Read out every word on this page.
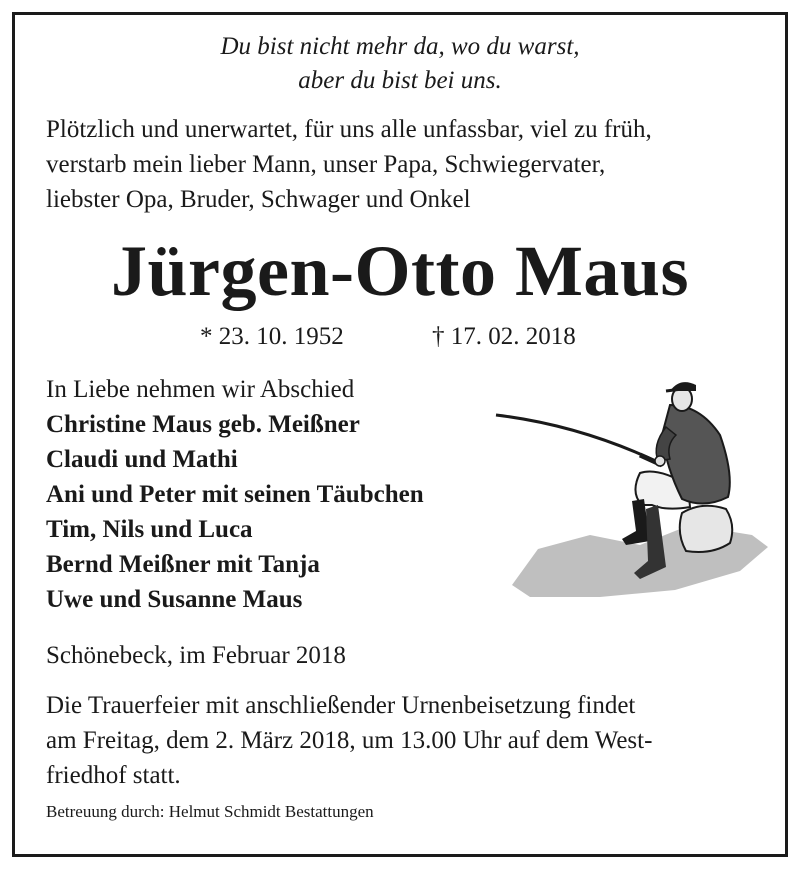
Du bist nicht mehr da, wo du warst,
aber du bist bei uns.
Plötzlich und unerwartet, für uns alle unfassbar, viel zu früh,
verstarb mein lieber Mann, unser Papa, Schwiegervater,
liebster Opa, Bruder, Schwager und Onkel
Jürgen-Otto Maus
* 23. 10. 1952	† 17. 02. 2018
In Liebe nehmen wir Abschied
Christine Maus geb. Meißner
Claudi und Mathi
Ani und Peter mit seinen Täubchen
Tim, Nils und Luca
Bernd Meißner mit Tanja
Uwe und Susanne Maus
Schönebeck, im Februar 2018
Die Trauerfeier mit anschließender Urnenbeisetzung findet
am Freitag, dem 2. März 2018, um 13.00 Uhr auf dem West-
friedhof statt.
Betreuung durch: Helmut Schmidt Bestattungen
